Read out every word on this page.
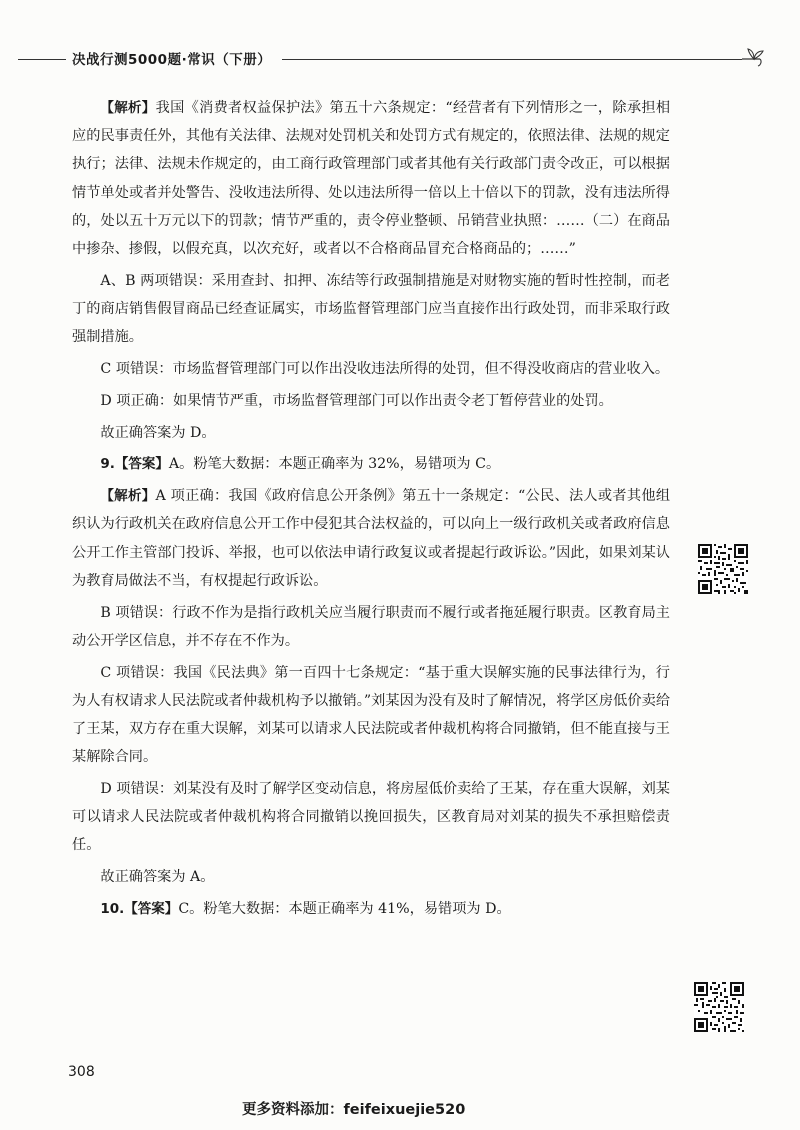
决战行测5000题·常识（下册）

【解析】我国《消费者权益保护法》第五十六条规定：“经营者有下列情形之一，除承担相应的民事责任外，其他有关法律、法规对处罚机关和处罚方式有规定的，依照法律、法规的规定执行；法律、法规未作规定的，由工商行政管理部门或者其他有关行政部门责令改正，可以根据情节单处或者并处警告、没收违法所得、处以违法所得一倍以上十倍以下的罚款，没有违法所得的，处以五十万元以下的罚款；情节严重的，责令停业整顿、吊销营业执照：……（二）在商品中掺杂、掺假，以假充真，以次充好，或者以不合格商品冒充合格商品的；……”

A、B 两项错误：采用查封、扣押、冻结等行政强制措施是对财物实施的暂时性控制，而老丁的商店销售假冒商品已经查证属实，市场监督管理部门应当直接作出行政处罚，而非采取行政强制措施。

C 项错误：市场监督管理部门可以作出没收违法所得的处罚，但不得没收商店的营业收入。

D 项正确：如果情节严重，市场监督管理部门可以作出责令老丁暂停营业的处罚。

故正确答案为 D。

9.【答案】A。粉笔大数据：本题正确率为 32%，易错项为 C。

【解析】A 项正确：我国《政府信息公开条例》第五十一条规定：“公民、法人或者其他组织认为行政机关在政府信息公开工作中侵犯其合法权益的，可以向上一级行政机关或者政府信息公开工作主管部门投诉、举报，也可以依法申请行政复议或者提起行政诉讼。”因此，如果刘某认为教育局做法不当，有权提起行政诉讼。

B 项错误：行政不作为是指行政机关应当履行职责而不履行或者拖延履行职责。区教育局主动公开学区信息，并不存在不作为。

C 项错误：我国《民法典》第一百四十七条规定：“基于重大误解实施的民事法律行为，行为人有权请求人民法院或者仲裁机构予以撤销。”刘某因为没有及时了解情况，将学区房低价卖给了王某，双方存在重大误解，刘某可以请求人民法院或者仲裁机构将合同撤销，但不能直接与王某解除合同。

D 项错误：刘某没有及时了解学区变动信息，将房屋低价卖给了王某，存在重大误解，刘某可以请求人民法院或者仲裁机构将合同撤销以挽回损失，区教育局对刘某的损失不承担赔偿责任。

故正确答案为 A。

10.【答案】C。粉笔大数据：本题正确率为 41%，易错项为 D。

308
更多资料添加：feifeixuejie520
